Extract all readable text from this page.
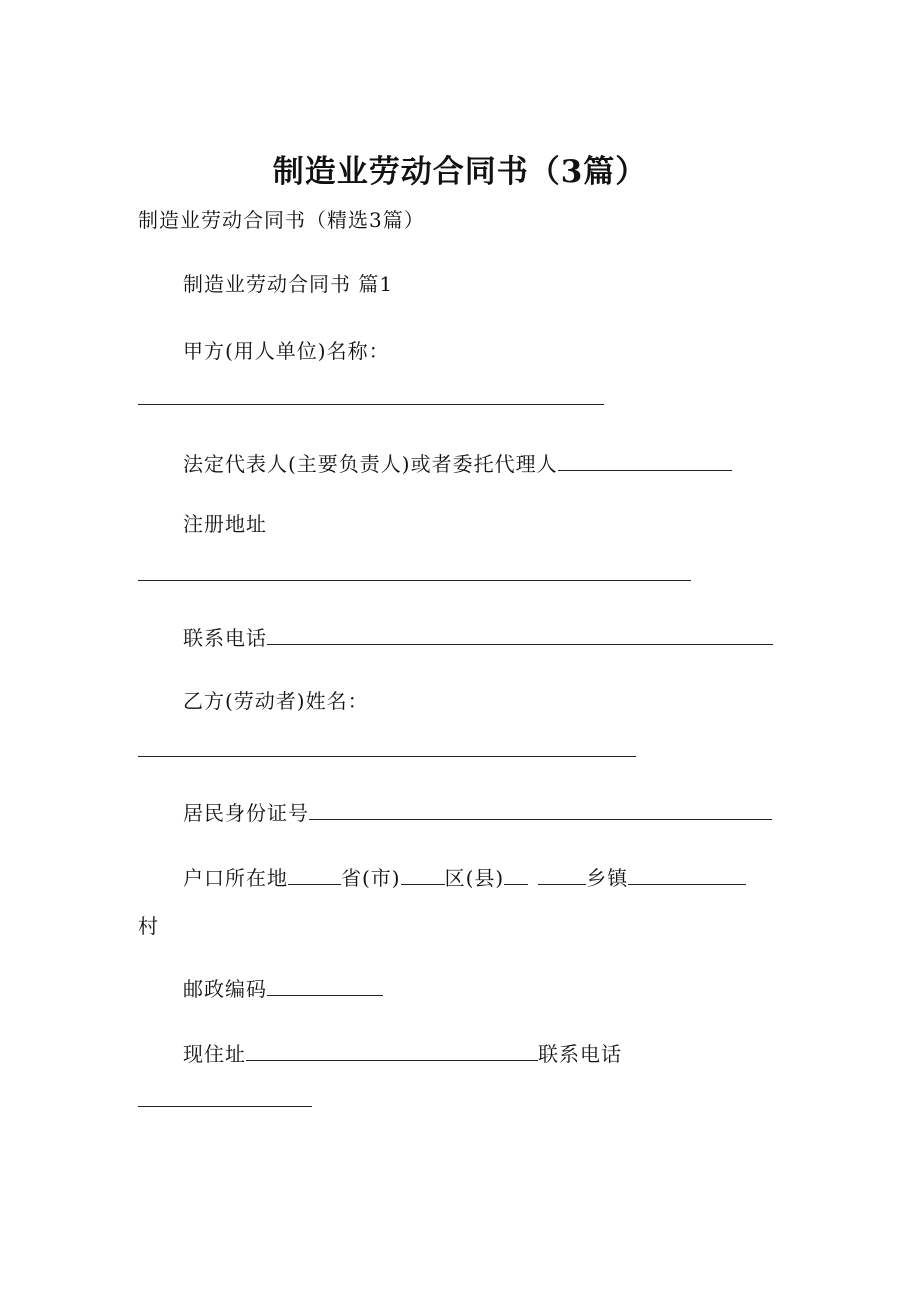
制造业劳动合同书（3篇）
制造业劳动合同书（精选3篇）
制造业劳动合同书 篇1
甲方(用人单位)名称：
法定代表人(主要负责人)或者委托代理人
注册地址
联系电话
乙方(劳动者)姓名：
居民身份证号
户口所在地	省(市) 区(县)	乡镇
村
邮政编码
现住址	联系电话
